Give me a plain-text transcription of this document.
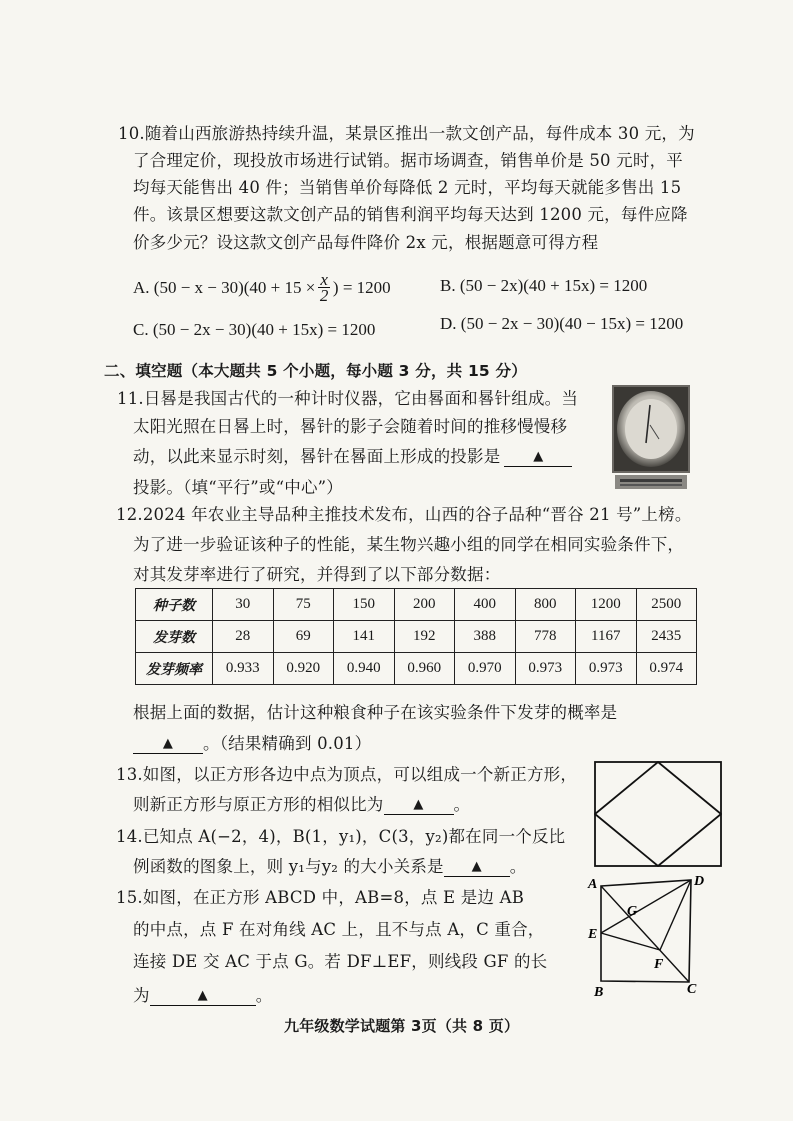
10.随着山西旅游热持续升温，某景区推出一款文创产品，每件成本 30 元，为
了合理定价，现投放市场进行试销。据市场调查，销售单价是 50 元时，平
均每天能售出 40 件；当销售单价每降低 2 元时，平均每天就能多售出 15
件。该景区想要这款文创产品的销售利润平均每天达到 1200 元，每件应降
价多少元？设这款文创产品每件降价 2x 元，根据题意可得方程
A. $(50 - x - 30)(40 + 15 \times \frac{x}{2}$ ) = 1200	B. (50 − 2x)(40 + 15x) = 1200
C. (50 − 2x − 30)(40 + 15x) = 1200	D. (50 − 2x − 30)(40 − 15x) = 1200
二、填空题（本大题共 5 个小题，每小题 3 分，共 15 分）
11.日晷是我国古代的一种计时仪器，它由晷面和晷针组成。当
太阳光照在日晷上时，晷针的影子会随着时间的推移慢慢移
动，以此来显示时刻，晷针在晷面上形成的投影是	▲
投影。（填“平行”或“中心”）
12.2024 年农业主导品种主推技术发布，山西的谷子品种“晋谷 21 号”上榜。
为了进一步验证该种子的性能，某生物兴趣小组的同学在相同实验条件下，
对其发芽率进行了研究，并得到了以下部分数据：
种子数	30	75	150	200	400	800	1200	2500
发芽数	28	69	141	192	388	778	1167	2435
发芽频率	0.933	0.920	0.940	0.960	0.970	0.973	0.973	0.974
根据上面的数据，估计这种粮食种子在该实验条件下发芽的概率是
▲ 。（结果精确到 0.01）
13.如图，以正方形各边中点为顶点，可以组成一个新正方形，
则新正方形与原正方形的相似比为 ▲ 。
14.已知点 A(−2，4)，B(1，y₁)，C(3，y₂)都在同一个反比
例函数的图象上，则 y₁与y₂ 的大小关系是 ▲ 。
15.如图，在正方形 ABCD 中，AB=8，点 E 是边 AB
的中点，点 F 在对角线 AC 上，且不与点 A，C 重合，
连接 DE 交 AC 于点 G。若 DF⊥EF，则线段 GF 的长
为	▲	。
A	D
E
G
F
B	C
九年级数学试题第 3页（共 8 页）
